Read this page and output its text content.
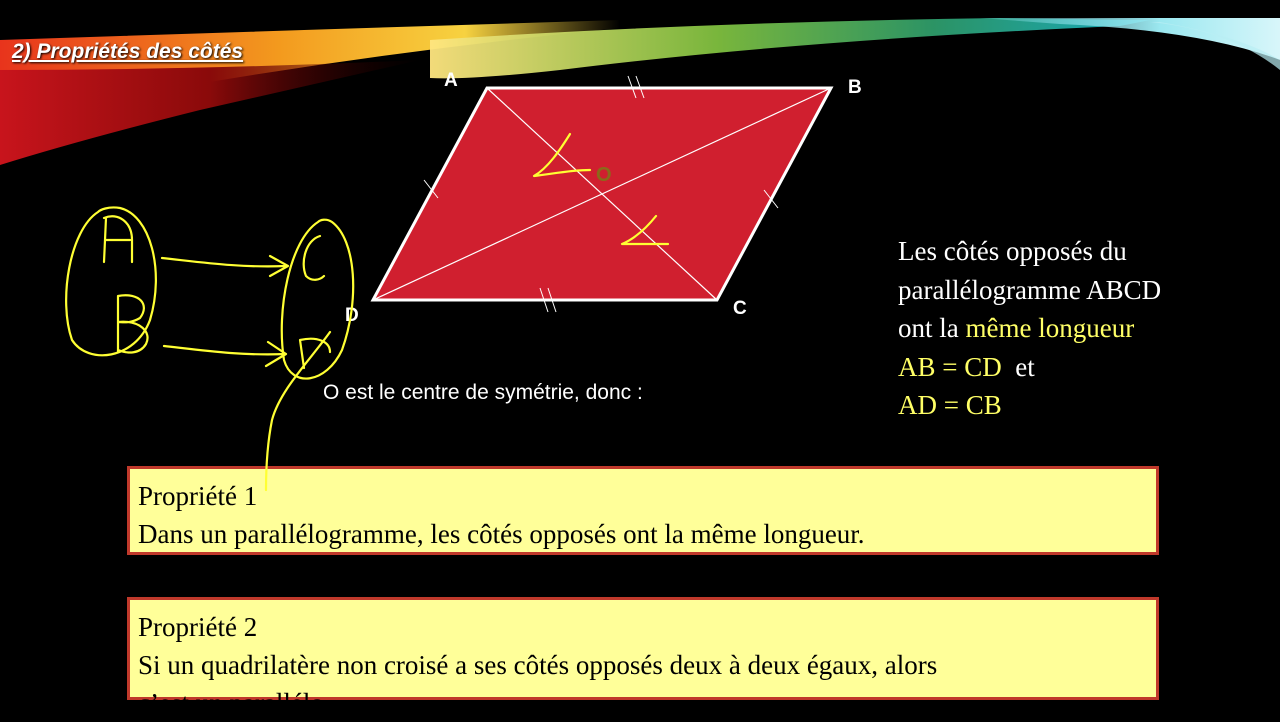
2) Propriétés des côtés
A	B
C
D
O
O est le centre de symétrie, donc :
Les côtés opposés du
parallélogramme ABCD
ont la même longueur
AB = CD et
AD = CB
Propriété 1
Dans un parallélogramme, les côtés opposés ont la même longueur.
Propriété 2
Si un quadrilatère non croisé a ses côtés opposés deux à deux égaux, alors
